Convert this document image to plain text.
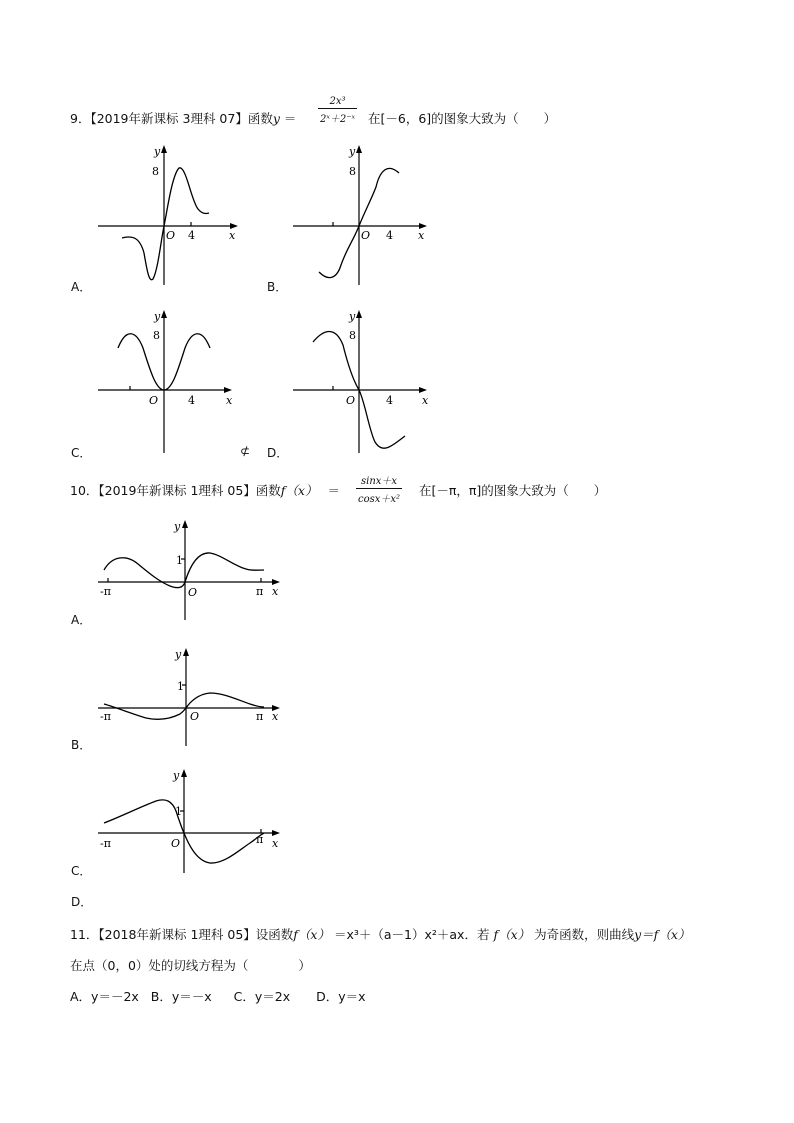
9．【2019年新课标 3理科 07】函数y ＝
2x³
2ˣ＋2⁻ˣ 在[－6，6]的图象大致为（　　）
y
8
O 4	x
A．
y
8
O 4 x
B．
y
8
O	4	x
C．	⊄
y
8
O	4	x
D．
10．【2019年新课标 1理科 05】函数f（x） ＝
sinx＋x
cosx＋x²
在[－π，π]的图象大致为（　　）
y
1
-π	O	π x
A．
y
1
-π	O	π x
B．
y
1
-π	O	π x
C．
D．
11．【2018年新课标 1理科 05】设函数f（x） ＝x³＋（a－1）x²＋ax．若 f（x） 为奇函数，则曲线y＝f（x）
在点（0，0）处的切线方程为（　　　　）
A．y＝－2x B．y＝－x C．y＝2x D．y＝x
